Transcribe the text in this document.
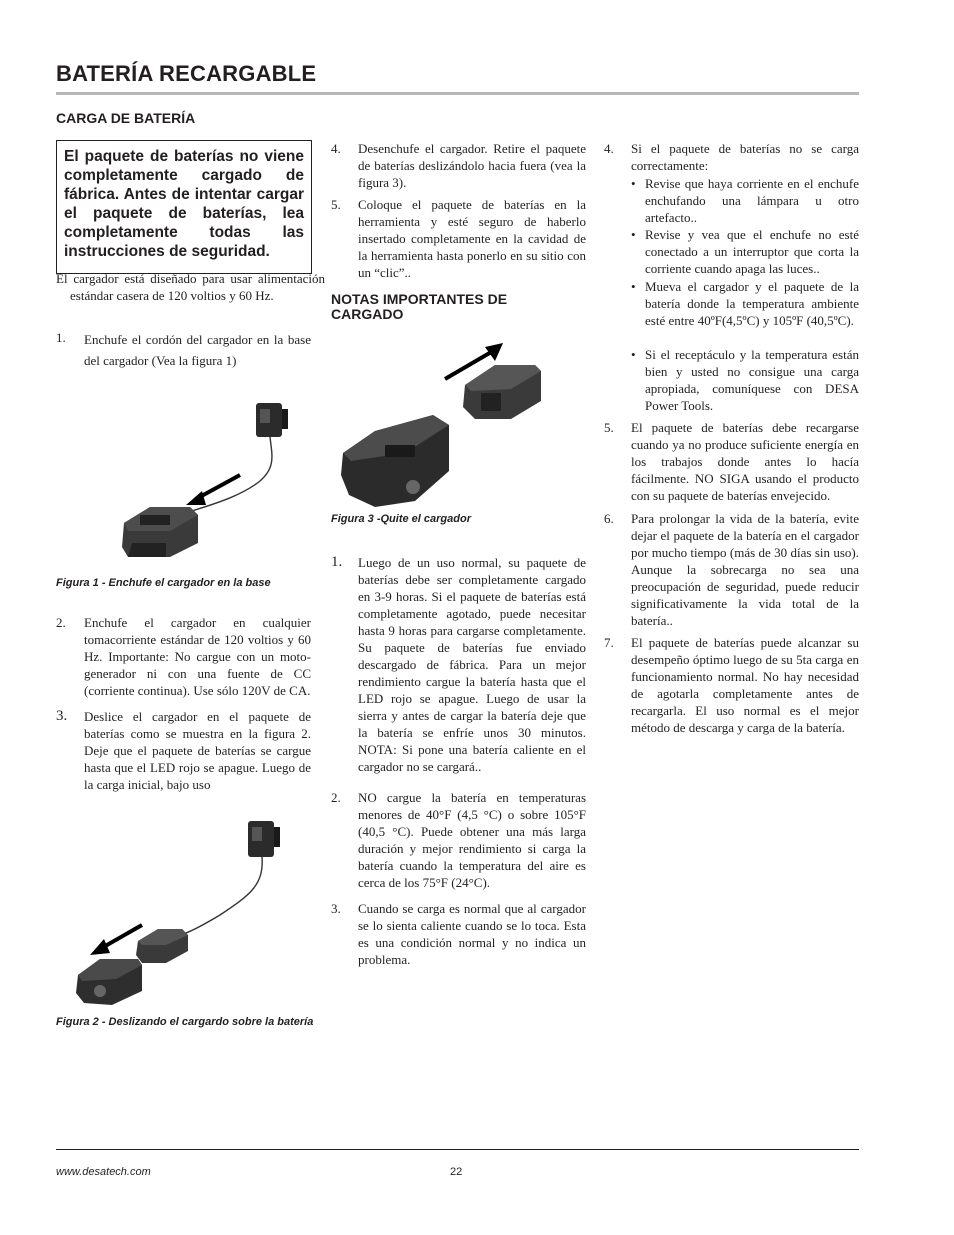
BATERÍA RECARGABLE
CARGA DE BATERÍA
El paquete de baterías no viene completamente cargado de fábrica. Antes de intentar cargar el paquete de baterías, lea completamente todas las instrucciones de seguridad.
El cargador está diseñado para usar alimentación estándar casera de 120 voltios y 60 Hz.
1. Enchufe el cordón del cargador en la base del cargador (Vea la figura 1)
Figura 1 - Enchufe el cargador en la base
2. Enchufe el cargador en cualquier tomacorriente estándar de 120 voltios y 60 Hz. Importante: No cargue con un moto-generador ni con una fuente de CC (corriente continua). Use sólo 120V de CA.
3. Deslice el cargador en el paquete de baterías como se muestra en la figura 2. Deje que el paquete de baterías se cargue hasta que el LED rojo se apague. Luego de la carga inicial, bajo uso
Figura 2 - Deslizando el cargardo sobre la batería
4. Desenchufe el cargador. Retire el paquete de baterías deslizándolo hacia fuera (vea la figura 3).
5. Coloque el paquete de baterías en la herramienta y esté seguro de haberlo insertado completamente en la cavidad de la herramienta hasta ponerlo en su sitio con un “clic”..
NOTAS IMPORTANTES DE CARGADO
Figura 3 -Quite el cargador
1. Luego de un uso normal, su paquete de baterías debe ser completamente cargado en 3-9 horas. Si el paquete de baterías está completamente agotado, puede necesitar hasta 9 horas para cargarse completamente. Su paquete de baterías fue enviado descargado de fábrica. Para un mejor rendimiento cargue la batería hasta que el LED rojo se apague. Luego de usar la sierra y antes de cargar la batería deje que la batería se enfríe unos 30 minutos. NOTA: Si pone una batería caliente en el cargador no se cargará..
2. NO cargue la batería en temperaturas menores de 40°F (4,5 °C) o sobre 105°F (40,5 °C). Puede obtener una más larga duración y mejor rendimiento si carga la batería cuando la temperatura del aire es cerca de los 75°F (24°C).
3. Cuando se carga es normal que al cargador se lo sienta caliente cuando se lo toca. Esta es una condición normal y no indica un problema.
4. Si el paquete de baterías no se carga correctamente:
• Revise que haya corriente en el enchufe enchufando una lámpara u otro artefacto..
• Revise y vea que el enchufe no esté conectado a un interruptor que corta la corriente cuando apaga las luces..
• Mueva el cargador y el paquete de la batería donde la temperatura ambiente esté entre 40ºF(4,5ºC) y 105ºF (40,5ºC).
• Si el receptáculo y la temperatura están bien y usted no consigue una carga apropiada, comuníquese con DESA Power Tools.
5. El paquete de baterías debe recargarse cuando ya no produce suficiente energía en los trabajos donde antes lo hacía fácilmente. NO SIGA usando el producto con su paquete de baterías envejecido.
6. Para prolongar la vida de la batería, evite dejar el paquete de la batería en el cargador por mucho tiempo (más de 30 días sin uso). Aunque la sobrecarga no sea una preocupación de seguridad, puede reducir significativamente la vida total de la batería..
7. El paquete de baterías puede alcanzar su desempeño óptimo luego de su 5ta carga en funcionamiento normal. No hay necesidad de agotarla completamente antes de recargarla. El uso normal es el mejor método de descarga y carga de la batería.
www.desatech.com	22
